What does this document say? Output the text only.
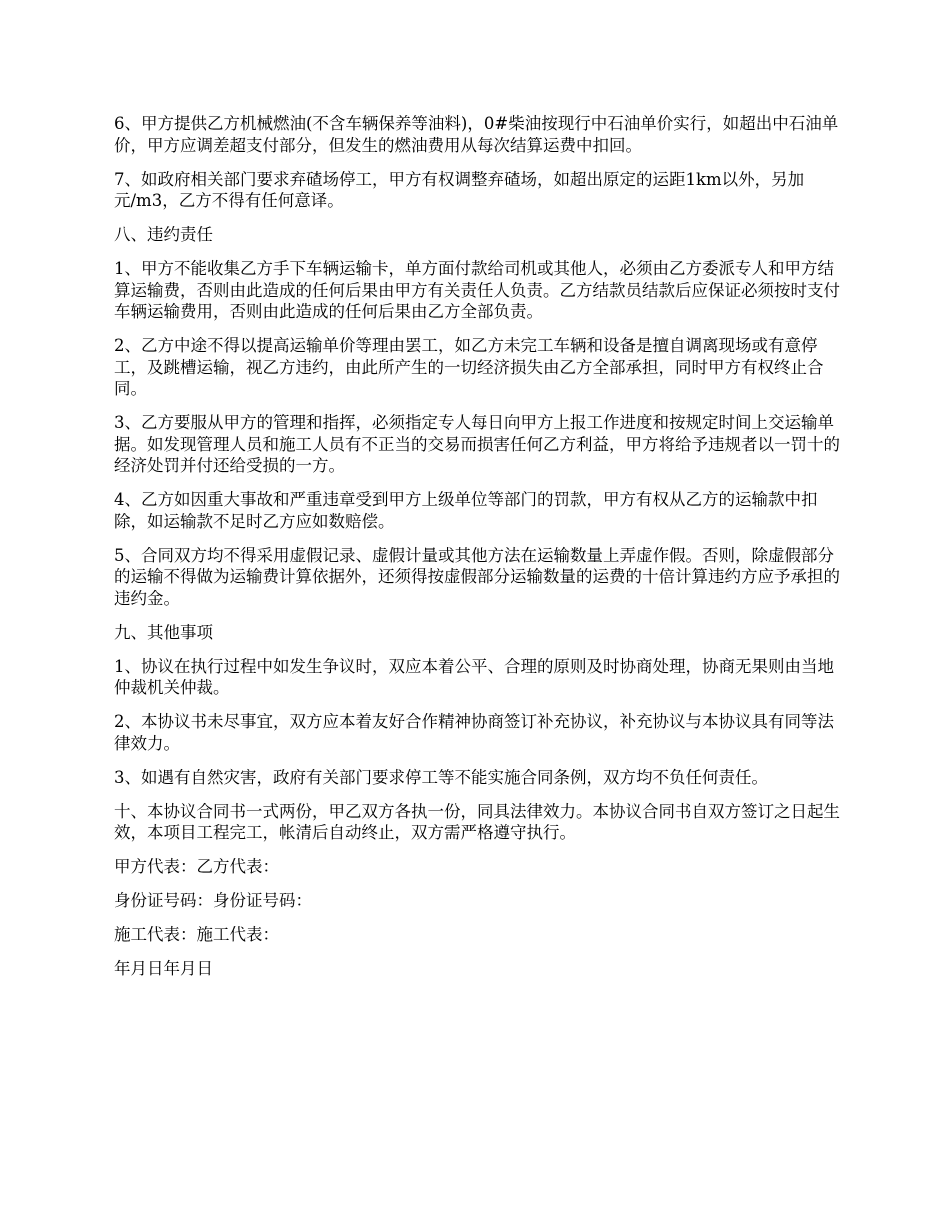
6、甲方提供乙方机械燃油(不含车辆保养等油料)，0#柴油按现行中石油单价实行，如超出中石油单价，甲方应调差超支付部分，但发生的燃油费用从每次结算运费中扣回。

7、如政府相关部门要求弃碴场停工，甲方有权调整弃碴场，如超出原定的运距1km以外，另加元/m3，乙方不得有任何意译。

八、违约责任

1、甲方不能收集乙方手下车辆运输卡，单方面付款给司机或其他人，必须由乙方委派专人和甲方结算运输费，否则由此造成的任何后果由甲方有关责任人负责。乙方结款员结款后应保证必须按时支付车辆运输费用，否则由此造成的任何后果由乙方全部负责。

2、乙方中途不得以提高运输单价等理由罢工，如乙方未完工车辆和设备是擅自调离现场或有意停工，及跳槽运输，视乙方违约，由此所产生的一切经济损失由乙方全部承担，同时甲方有权终止合同。

3、乙方要服从甲方的管理和指挥，必须指定专人每日向甲方上报工作进度和按规定时间上交运输单据。如发现管理人员和施工人员有不正当的交易而损害任何乙方利益，甲方将给予违规者以一罚十的经济处罚并付还给受损的一方。

4、乙方如因重大事故和严重违章受到甲方上级单位等部门的罚款，甲方有权从乙方的运输款中扣除，如运输款不足时乙方应如数赔偿。

5、合同双方均不得采用虚假记录、虚假计量或其他方法在运输数量上弄虚作假。否则，除虚假部分的运输不得做为运输费计算依据外，还须得按虚假部分运输数量的运费的十倍计算违约方应予承担的违约金。

九、其他事项

1、协议在执行过程中如发生争议时，双应本着公平、合理的原则及时协商处理，协商无果则由当地仲裁机关仲裁。

2、本协议书未尽事宜，双方应本着友好合作精神协商签订补充协议，补充协议与本协议具有同等法律效力。

3、如遇有自然灾害，政府有关部门要求停工等不能实施合同条例，双方均不负任何责任。

十、本协议合同书一式两份，甲乙双方各执一份，同具法律效力。本协议合同书自双方签订之日起生效，本项目工程完工，帐清后自动终止，双方需严格遵守执行。

甲方代表：乙方代表：

身份证号码：身份证号码：

施工代表：施工代表：

年月日年月日
